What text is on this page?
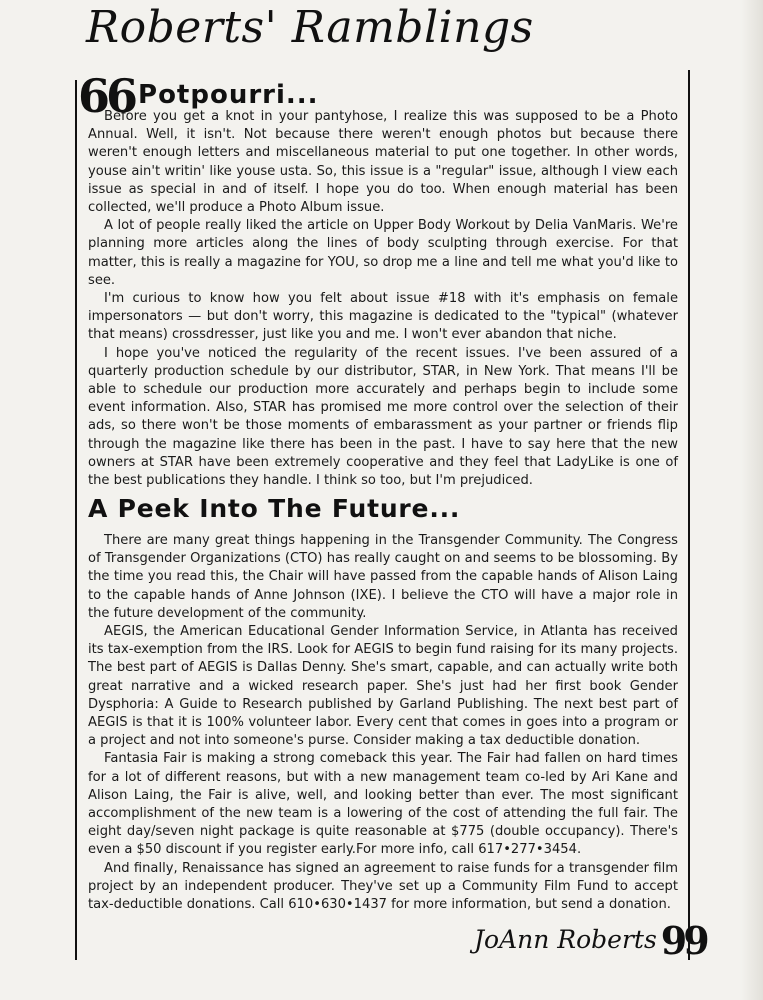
Roberts' Ramblings
66 Potpourri...

Before you get a knot in your pantyhose, I realize this was supposed to be a Photo Annual. Well, it isn't. Not because there weren't enough photos but because there weren't enough letters and miscellaneous material to put one together. In other words, youse ain't writin' like youse usta. So, this issue is a "regular" issue, although I view each issue as special in and of itself. I hope you do too. When enough material has been collected, we'll produce a Photo Album issue.

A lot of people really liked the article on Upper Body Workout by Delia VanMaris. We're planning more articles along the lines of body sculpting through exercise. For that matter, this is really a magazine for YOU, so drop me a line and tell me what you'd like to see.

I'm curious to know how you felt about issue #18 with it's emphasis on female impersonators — but don't worry, this magazine is dedicated to the "typical" (whatever that means) crossdresser, just like you and me. I won't ever abandon that niche.

I hope you've noticed the regularity of the recent issues. I've been assured of a quarterly production schedule by our distributor, STAR, in New York. That means I'll be able to schedule our production more accurately and perhaps begin to include some event information. Also, STAR has promised me more control over the selection of their ads, so there won't be those moments of embarassment as your partner or friends flip through the magazine like there has been in the past. I have to say here that the new owners at STAR have been extremely cooperative and they feel that LadyLike is one of the best publications they handle. I think so too, but I'm prejudiced.

A Peek Into The Future...

There are many great things happening in the Transgender Community. The Congress of Transgender Organizations (CTO) has really caught on and seems to be blossoming. By the time you read this, the Chair will have passed from the capable hands of Alison Laing to the capable hands of Anne Johnson (IXE). I believe the CTO will have a major role in the future development of the community.

AEGIS, the American Educational Gender Information Service, in Atlanta has received its tax-exemption from the IRS. Look for AEGIS to begin fund raising for its many projects. The best part of AEGIS is Dallas Denny. She's smart, capable, and can actually write both great narrative and a wicked research paper. She's just had her first book Gender Dysphoria: A Guide to Research published by Garland Publishing. The next best part of AEGIS is that it is 100% volunteer labor. Every cent that comes in goes into a program or a project and not into someone's purse. Consider making a tax deductible donation.

Fantasia Fair is making a strong comeback this year. The Fair had fallen on hard times for a lot of different reasons, but with a new management team co-led by Ari Kane and Alison Laing, the Fair is alive, well, and looking better than ever. The most significant accomplishment of the new team is a lowering of the cost of attending the full fair. The eight day/seven night package is quite reasonable at $775 (double occupancy). There's even a $50 discount if you register early.For more info, call 617•277•3454.

And finally, Renaissance has signed an agreement to raise funds for a transgender film project by an independent producer. They've set up a Community Film Fund to accept tax-deductible donations. Call 610•630•1437 for more information, but send a donation.

JoAnn Roberts 99
